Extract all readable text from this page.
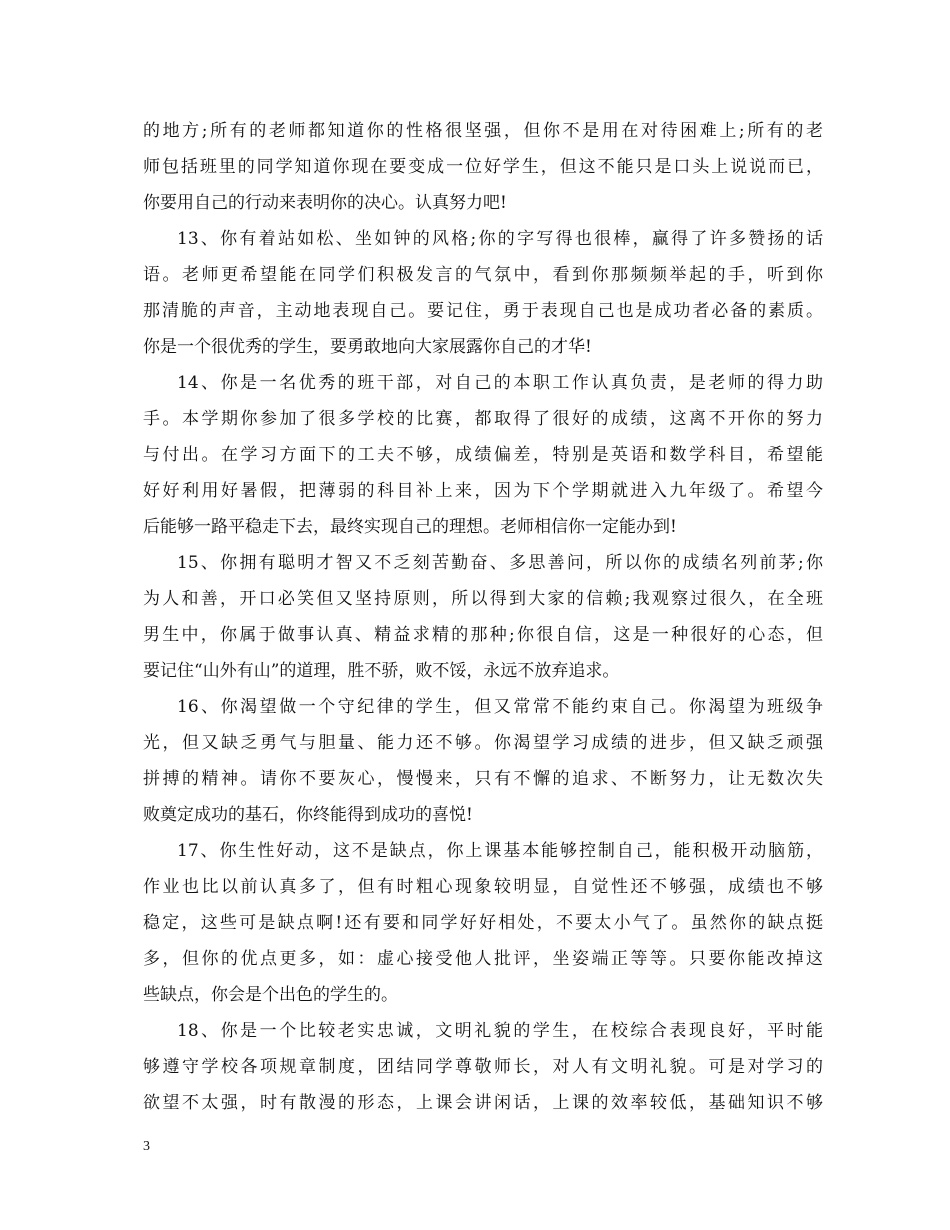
的地方;所有的老师都知道你的性格很坚强，但你不是用在对待困难上;所有的老
师包括班里的同学知道你现在要变成一位好学生，但这不能只是口头上说说而已，
你要用自己的行动来表明你的决心。认真努力吧!
13、你有着站如松、坐如钟的风格;你的字写得也很棒，赢得了许多赞扬的话
语。老师更希望能在同学们积极发言的气氛中，看到你那频频举起的手，听到你
那清脆的声音，主动地表现自己。要记住，勇于表现自己也是成功者必备的素质。
你是一个很优秀的学生，要勇敢地向大家展露你自己的才华!
14、你是一名优秀的班干部，对自己的本职工作认真负责，是老师的得力助
手。本学期你参加了很多学校的比赛，都取得了很好的成绩，这离不开你的努力
与付出。在学习方面下的工夫不够，成绩偏差，特别是英语和数学科目，希望能
好好利用好暑假，把薄弱的科目补上来，因为下个学期就进入九年级了。希望今
后能够一路平稳走下去，最终实现自己的理想。老师相信你一定能办到!
15、你拥有聪明才智又不乏刻苦勤奋、多思善问，所以你的成绩名列前茅;你
为人和善，开口必笑但又坚持原则，所以得到大家的信赖;我观察过很久，在全班
男生中，你属于做事认真、精益求精的那种;你很自信，这是一种很好的心态，但
要记住“山外有山”的道理，胜不骄，败不馁，永远不放弃追求。
16、你渴望做一个守纪律的学生，但又常常不能约束自己。你渴望为班级争
光，但又缺乏勇气与胆量、能力还不够。你渴望学习成绩的进步，但又缺乏顽强
拼搏的精神。请你不要灰心，慢慢来，只有不懈的追求、不断努力，让无数次失
败奠定成功的基石，你终能得到成功的喜悦!
17、你生性好动，这不是缺点，你上课基本能够控制自己，能积极开动脑筋，
作业也比以前认真多了，但有时粗心现象较明显，自觉性还不够强，成绩也不够
稳定，这些可是缺点啊!还有要和同学好好相处，不要太小气了。虽然你的缺点挺
多，但你的优点更多，如：虚心接受他人批评，坐姿端正等等。只要你能改掉这
些缺点，你会是个出色的学生的。
18、你是一个比较老实忠诚，文明礼貌的学生，在校综合表现良好，平时能
够遵守学校各项规章制度，团结同学尊敬师长，对人有文明礼貌。可是对学习的
欲望不太强，时有散漫的形态，上课会讲闲话，上课的效率较低，基础知识不够
3
